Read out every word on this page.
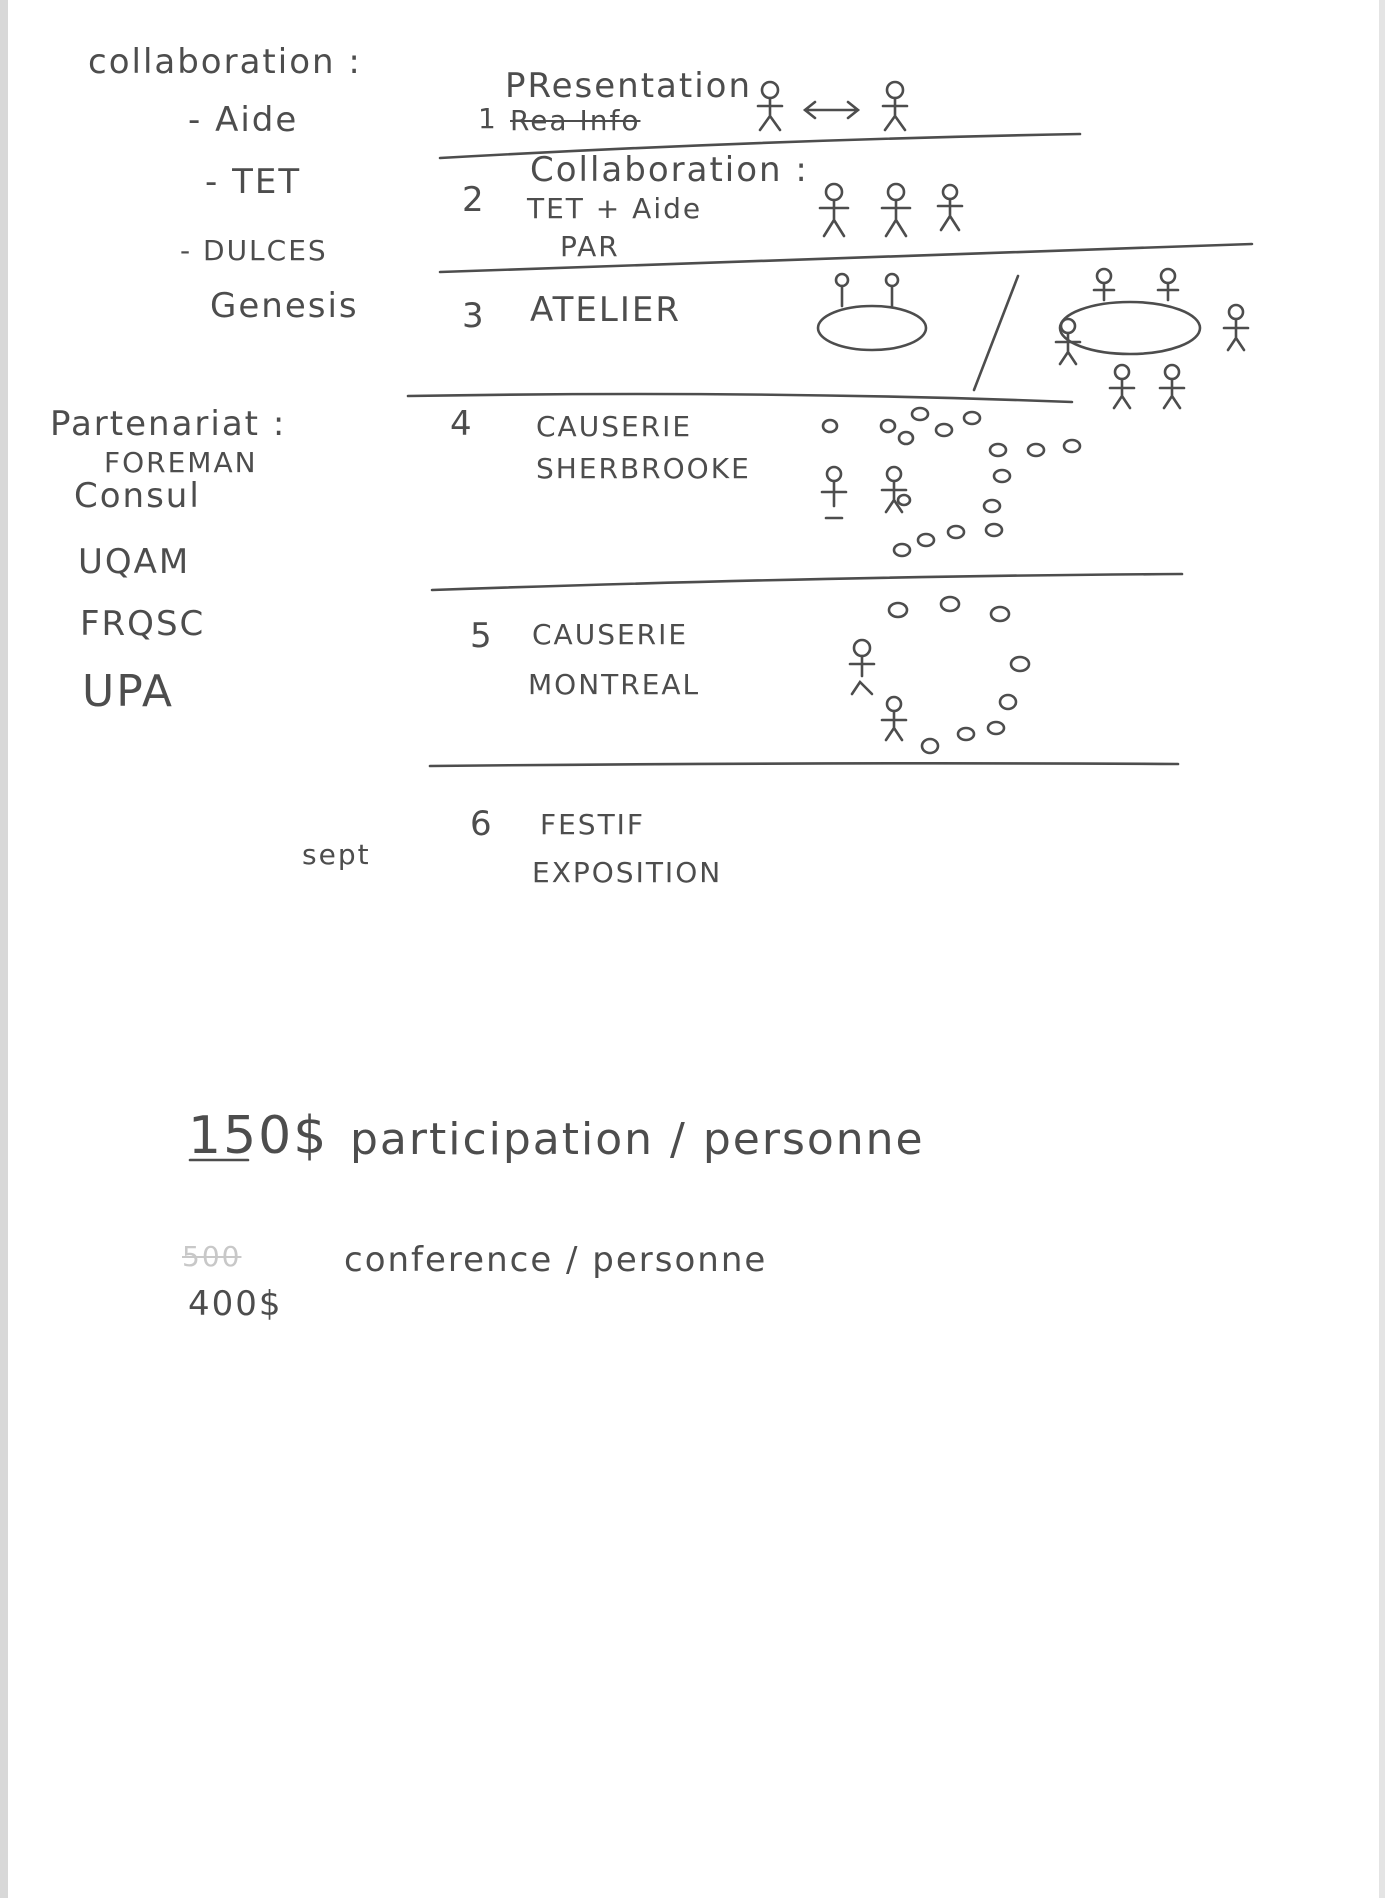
collaboration :
- Aide
- TET
- DULCES
Genesis
Partenariat :
FOREMAN
Consul
UQAM
FRQSC
UPA
sept
PResentation
1 Rea Info
2
Collaboration :
TET + Aide
PAR
3 ATELIER
4 CAUSERIE
SHERBROOKE
5 CAUSERIE
MONTREAL
6 FESTIF
EXPOSITION
150$ participation / personne
500
400$
conference / personne
